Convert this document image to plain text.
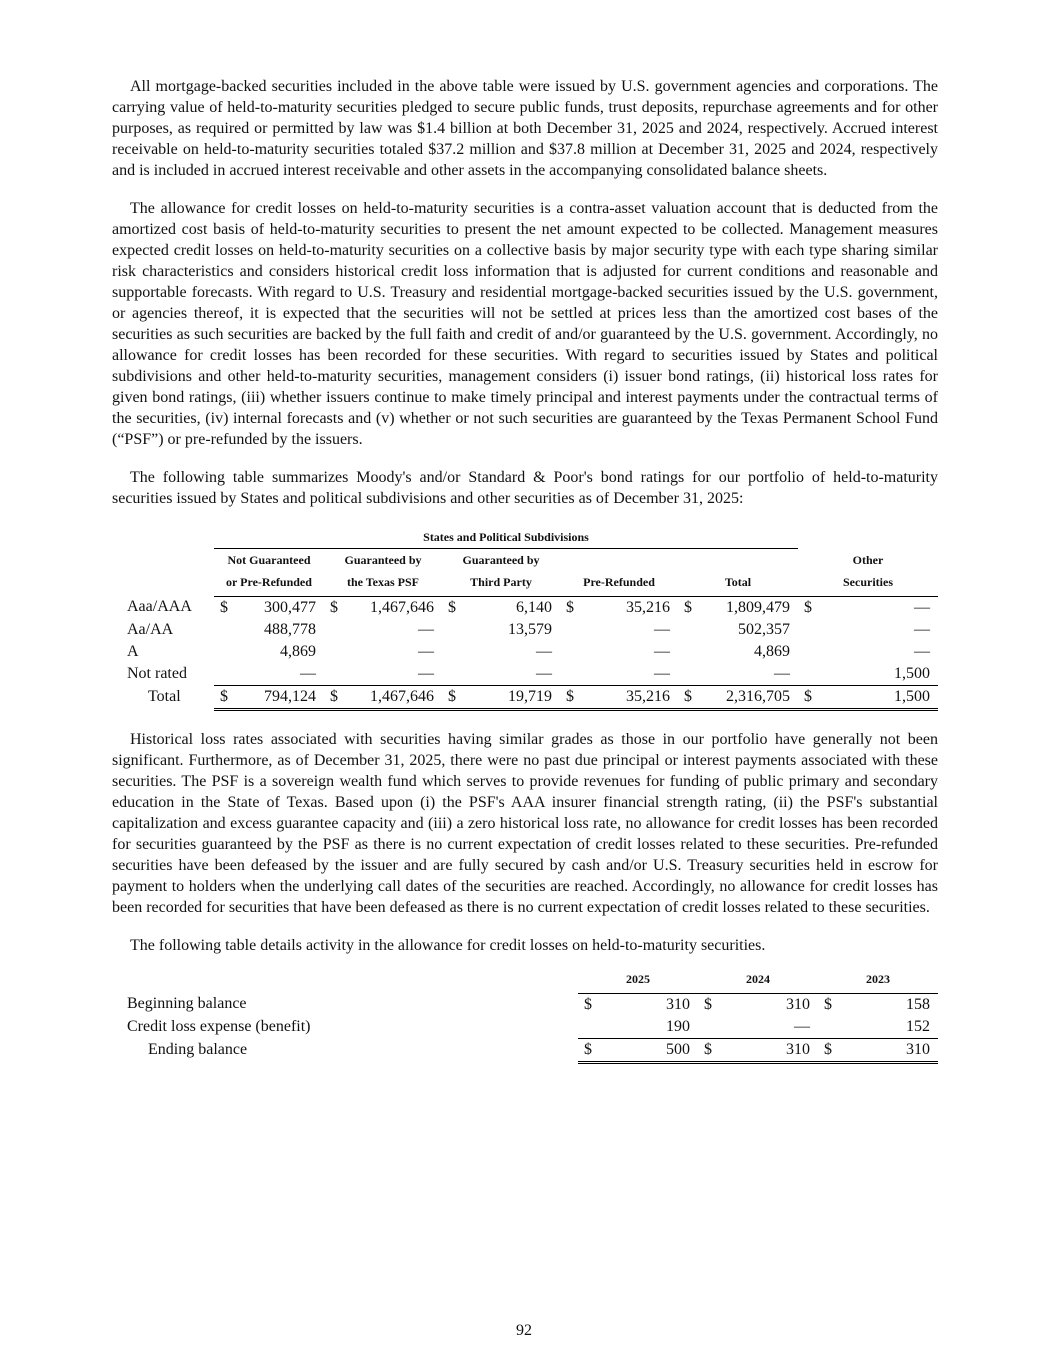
All mortgage-backed securities included in the above table were issued by U.S. government agencies and corporations. The carrying value of held-to-maturity securities pledged to secure public funds, trust deposits, repurchase agreements and for other purposes, as required or permitted by law was $1.4 billion at both December 31, 2025 and 2024, respectively. Accrued interest receivable on held-to-maturity securities totaled $37.2 million and $37.8 million at December 31, 2025 and 2024, respectively and is included in accrued interest receivable and other assets in the accompanying consolidated balance sheets.

The allowance for credit losses on held-to-maturity securities is a contra-asset valuation account that is deducted from the amortized cost basis of held-to-maturity securities to present the net amount expected to be collected. Management measures expected credit losses on held-to-maturity securities on a collective basis by major security type with each type sharing similar risk characteristics and considers historical credit loss information that is adjusted for current conditions and reasonable and supportable forecasts. With regard to U.S. Treasury and residential mortgage-backed securities issued by the U.S. government, or agencies thereof, it is expected that the securities will not be settled at prices less than the amortized cost bases of the securities as such securities are backed by the full faith and credit of and/or guaranteed by the U.S. government. Accordingly, no allowance for credit losses has been recorded for these securities. With regard to securities issued by States and political subdivisions and other held-to-maturity securities, management considers (i) issuer bond ratings, (ii) historical loss rates for given bond ratings, (iii) whether issuers continue to make timely principal and interest payments under the contractual terms of the securities, (iv) internal forecasts and (v) whether or not such securities are guaranteed by the Texas Permanent School Fund (“PSF”) or pre-refunded by the issuers.

The following table summarizes Moody's and/or Standard & Poor's bond ratings for our portfolio of held-to-maturity securities issued by States and political subdivisions and other securities as of December 31, 2025:

	States and Political Subdivisions											
	Not Guaranteed
or Pre-Refunded		Guaranteed by
the Texas PSF		Guaranteed by
Third Party		Pre-Refunded		Total		Other
Securities	
Aaa/AAA	$	300,477	$	1,467,646	$	6,140	$	35,216	$	1,809,479	$	—
Aa/AA		488,778		—		13,579		—		502,357		—
A		4,869		—		—		—		4,869		—
Not rated		—		—		—		—		—		1,500
Total	$	794,124	$	1,467,646	$	19,719	$	35,216	$	2,316,705	$	1,500

Historical loss rates associated with securities having similar grades as those in our portfolio have generally not been significant. Furthermore, as of December 31, 2025, there were no past due principal or interest payments associated with these securities. The PSF is a sovereign wealth fund which serves to provide revenues for funding of public primary and secondary education in the State of Texas. Based upon (i) the PSF's AAA insurer financial strength rating, (ii) the PSF's substantial capitalization and excess guarantee capacity and (iii) a zero historical loss rate, no allowance for credit losses has been recorded for securities guaranteed by the PSF as there is no current expectation of credit losses related to these securities. Pre-refunded securities have been defeased by the issuer and are fully secured by cash and/or U.S. Treasury securities held in escrow for payment to holders when the underlying call dates of the securities are reached. Accordingly, no allowance for credit losses has been recorded for securities that have been defeased as there is no current expectation of credit losses related to these securities.

The following table details activity in the allowance for credit losses on held-to-maturity securities.

	2025		2024		2023	
Beginning balance	$	310	$	310	$	158
Credit loss expense (benefit)		190		—		152
Ending balance	$	500	$	310	$	310
92
